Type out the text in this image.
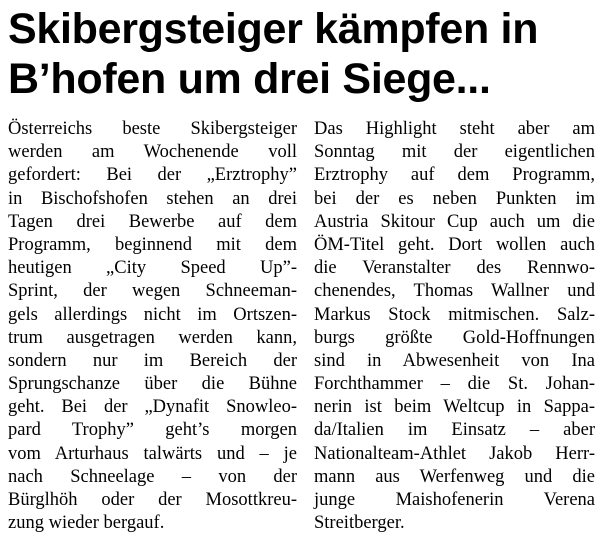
Skibergsteiger kämpfen in
B’hofen um drei Siege...
Österreichs beste Skibergsteiger
werden am Wochenende voll
gefordert: Bei der „Erztrophy”
in Bischofshofen stehen an drei
Tagen drei Bewerbe auf dem
Programm, beginnend mit dem
heutigen „City Speed Up”-
Sprint, der wegen Schneeman-
gels allerdings nicht im Ortszen-
trum ausgetragen werden kann,
sondern nur im Bereich der
Sprungschanze über die Bühne
geht. Bei der „Dynafit Snowleo-
pard Trophy” geht’s morgen
vom Arturhaus talwärts und – je
nach Schneelage – von der
Bürglhöh oder der Mosottkreu-
zung wieder bergauf.
Das Highlight steht aber am
Sonntag mit der eigentlichen
Erztrophy auf dem Programm,
bei der es neben Punkten im
Austria Skitour Cup auch um die
ÖM-Titel geht. Dort wollen auch
die Veranstalter des Rennwo-
chenendes, Thomas Wallner und
Markus Stock mitmischen. Salz-
burgs größte Gold-Hoffnungen
sind in Abwesenheit von Ina
Forchthammer – die St. Johan-
nerin ist beim Weltcup in Sappa-
da/Italien im Einsatz – aber
Nationalteam-Athlet Jakob Herr-
mann aus Werfenweg und die
junge Maishofenerin Verena
Streitberger.
